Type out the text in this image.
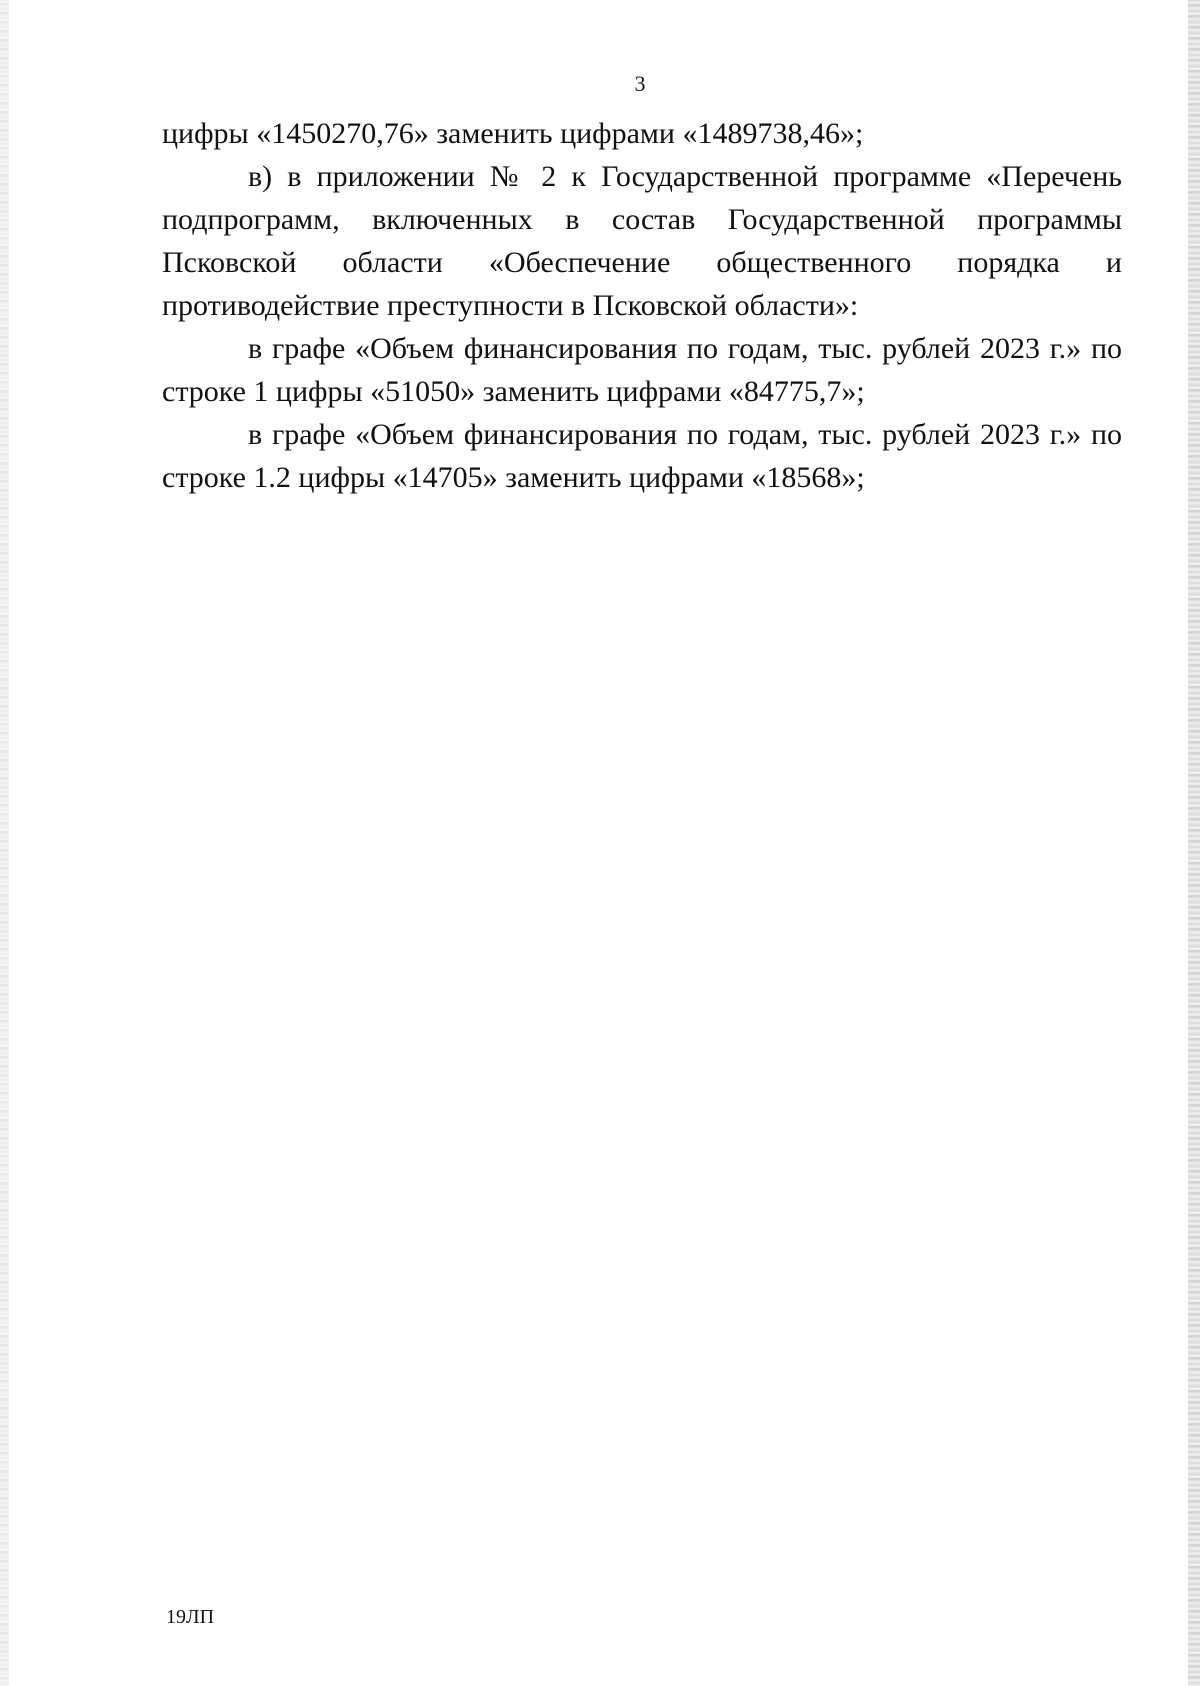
3

цифры «1450270,76» заменить цифрами «1489738,46»;

в) в приложении № 2 к Государственной программе «Перечень подпрограмм, включенных в состав Государственной программы Псковской области «Обеспечение общественного порядка и противодействие преступности в Псковской области»:

в графе «Объем финансирования по годам, тыс. рублей 2023 г.» по строке 1 цифры «51050» заменить цифрами «84775,7»;

в графе «Объем финансирования по годам, тыс. рублей 2023 г.» по строке 1.2 цифры «14705» заменить цифрами «18568»;

19ЛП
